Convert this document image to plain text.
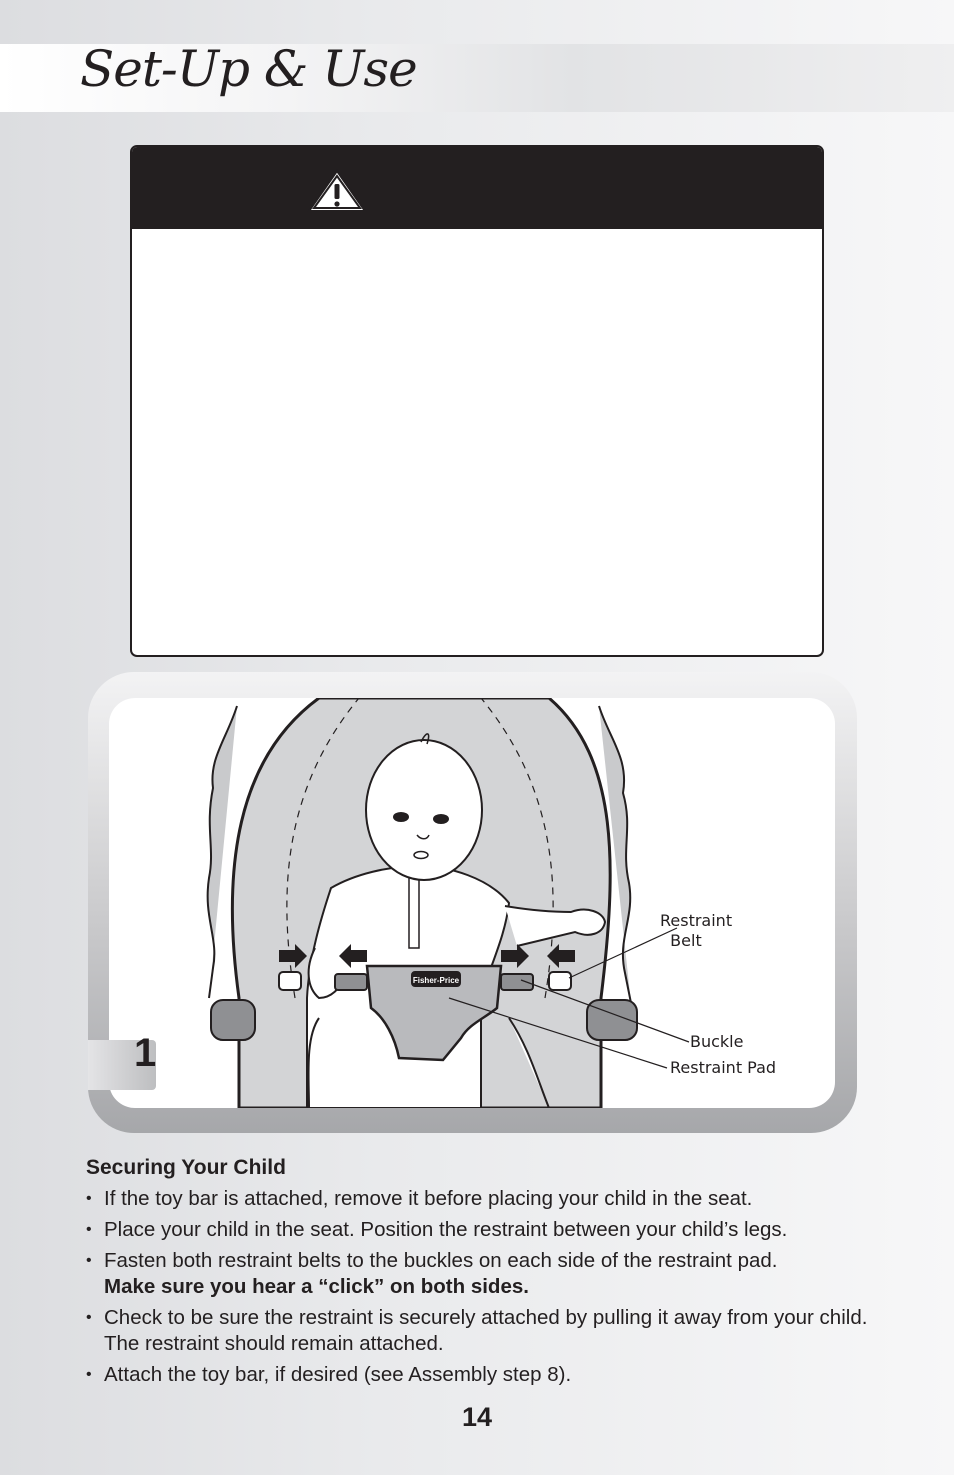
Set-Up & Use
Fisher-Price
Restraint
Belt
Buckle
Restraint Pad
1
Securing Your Child
• If the toy bar is attached, remove it before placing your child in the seat.
• Place your child in the seat. Position the restraint between your child’s legs.
• Fasten both restraint belts to the buckles on each side of the restraint pad.
Make sure you hear a “click” on both sides.
• Check to be sure the restraint is securely attached by pulling it away from your child. The restraint should remain attached.
• Attach the toy bar, if desired (see Assembly step 8).
14
